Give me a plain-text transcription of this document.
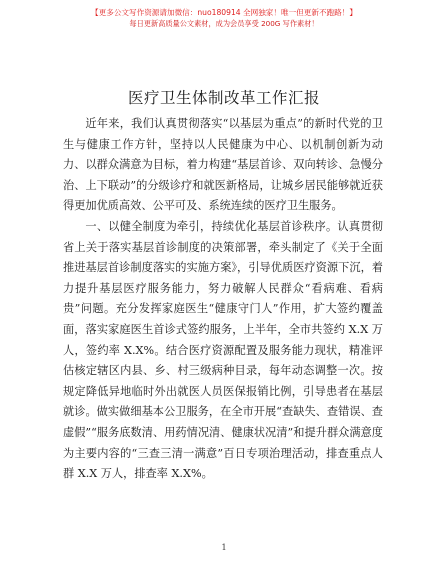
【更多公文写作资源请加微信：nuo180914 全网独家！唯一但更新不跑路！】
每日更新高质量公文素材，成为会员享受 200G 写作素材！
医疗卫生体制改革工作汇报

近年来，我们认真贯彻落实“以基层为重点”的新时代党的卫生与健康工作方针，坚持以人民健康为中心、以机制创新为动力、以群众满意为目标，着力构建“基层首诊、双向转诊、急慢分治、上下联动”的分级诊疗和就医新格局，让城乡居民能够就近获得更加优质高效、公平可及、系统连续的医疗卫生服务。

一、以健全制度为牵引，持续优化基层首诊秩序。认真贯彻省上关于落实基层首诊制度的决策部署，牵头制定了《关于全面推进基层首诊制度落实的实施方案》，引导优质医疗资源下沉，着力提升基层医疗服务能力，努力破解人民群众“看病难、看病贵”问题。充分发挥家庭医生“健康守门人”作用，扩大签约覆盖面，落实家庭医生首诊式签约服务，上半年，全市共签约 X.X 万人，签约率 X.X%。结合医疗资源配置及服务能力现状，精准评估核定辖区内县、乡、村三级病种目录，每年动态调整一次。按规定降低异地临时外出就医人员医保报销比例，引导患者在基层就诊。做实做细基本公卫服务，在全市开展“查缺失、查错误、查虚假”“服务底数清、用药情况清、健康状况清”和提升群众满意度为主要内容的“三查三清一满意”百日专项治理活动，排查重点人群 X.X 万人，排查率 X.X%。

1
